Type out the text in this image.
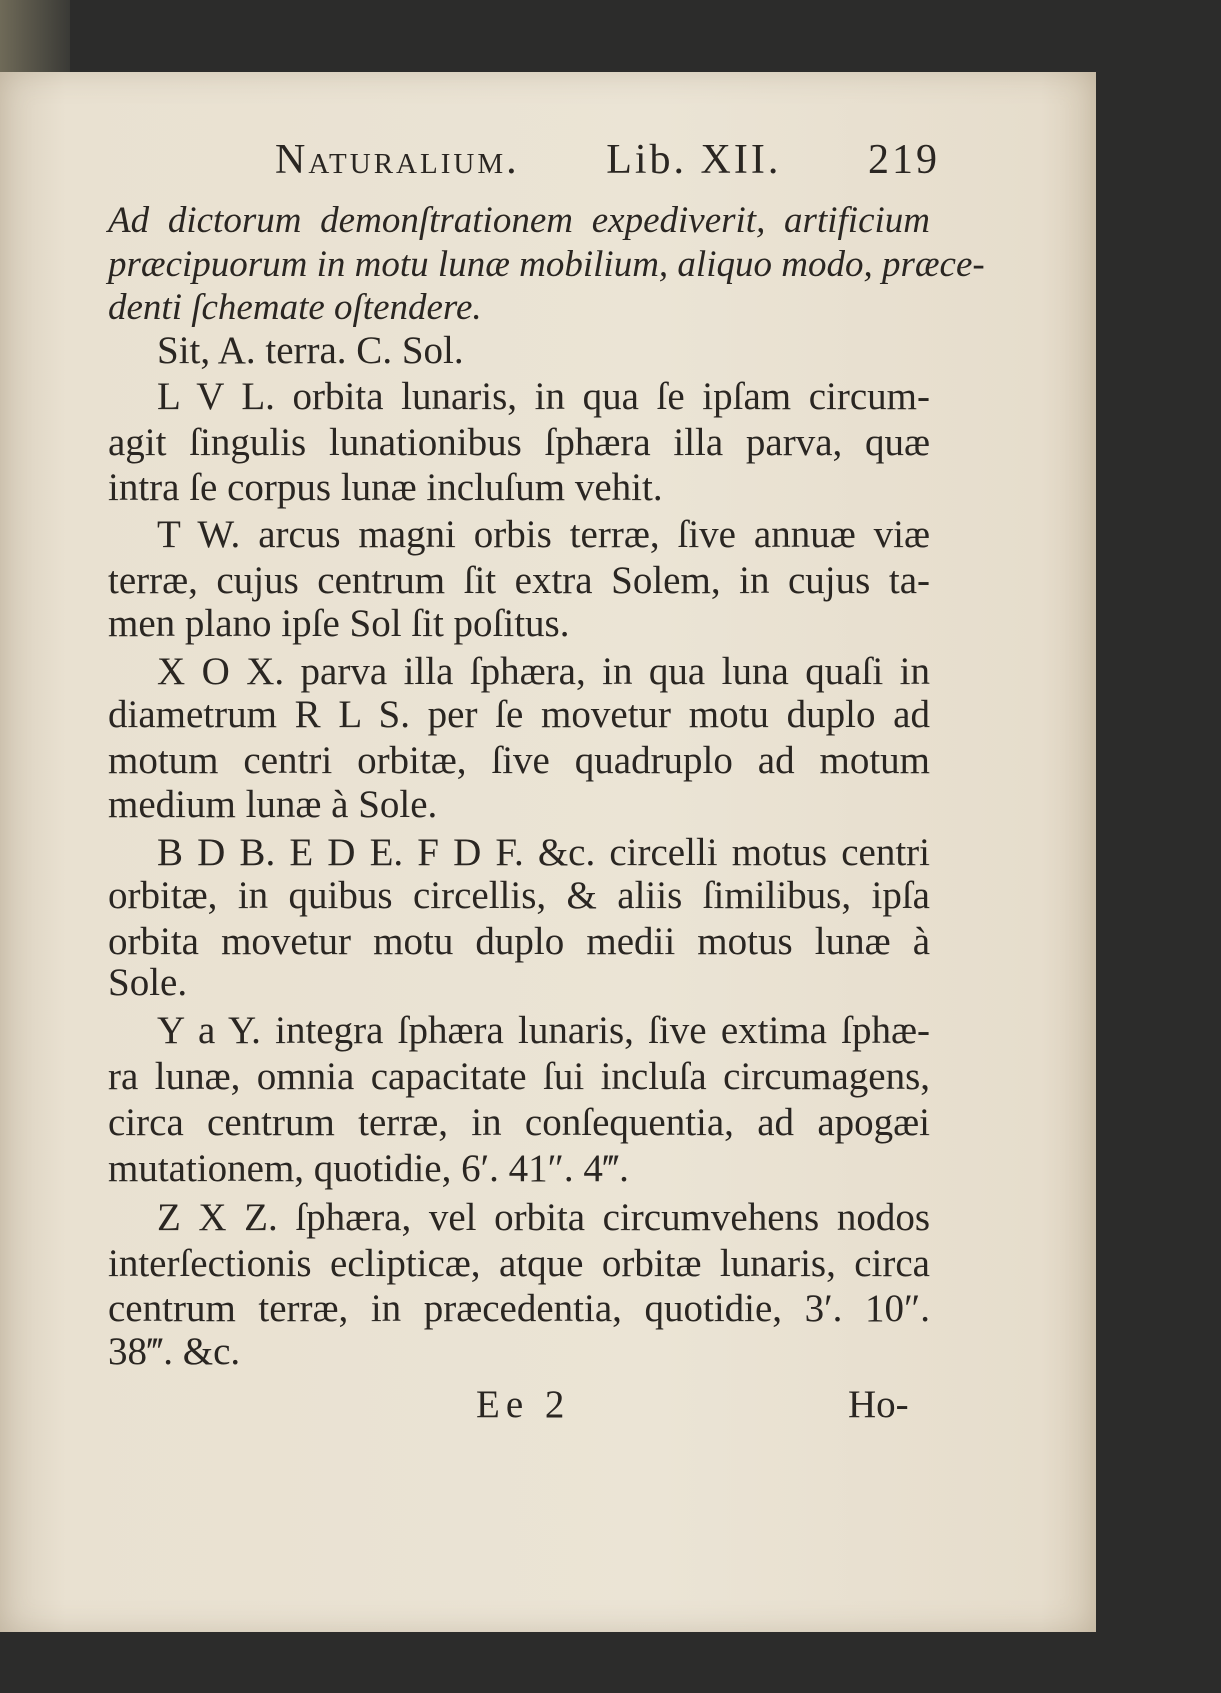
Naturalium. Lib. XII. 219
Ad dictorum demonſtrationem expediverit, artificium
præcipuorum in motu lunæ mobilium, aliquo modo, præce-
denti ſchemate oſtendere.
Sit, A. terra. C. Sol.
L V L. orbita lunaris, in qua ſe ipſam circum-
agit ſingulis lunationibus ſphæra illa parva, quæ
intra ſe corpus lunæ incluſum vehit.
T W. arcus magni orbis terræ, ſive annuæ viæ
terræ, cujus centrum ſit extra Solem, in cujus ta-
men plano ipſe Sol ſit poſitus.
X O X. parva illa ſphæra, in qua luna quaſi in
diametrum R L S. per ſe movetur motu duplo ad
motum centri orbitæ, ſive quadruplo ad motum
medium lunæ à Sole.
B D B. E D E. F D F. &c. circelli motus centri
orbitæ, in quibus circellis, & aliis ſimilibus, ipſa
orbita movetur motu duplo medii motus lunæ à
Sole.
Y a Y. integra ſphæra lunaris, ſive extima ſphæ-
ra lunæ, omnia capacitate ſui incluſa circumagens,
circa centrum terræ, in conſequentia, ad apogæi
mutationem, quotidie, 6′. 41″. 4‴.
Z X Z. ſphæra, vel orbita circumvehens nodos
interſectionis eclipticæ, atque orbitæ lunaris, circa
centrum terræ, in præcedentia, quotidie, 3′. 10″.
38‴. &c.
Ee 2	Ho-
